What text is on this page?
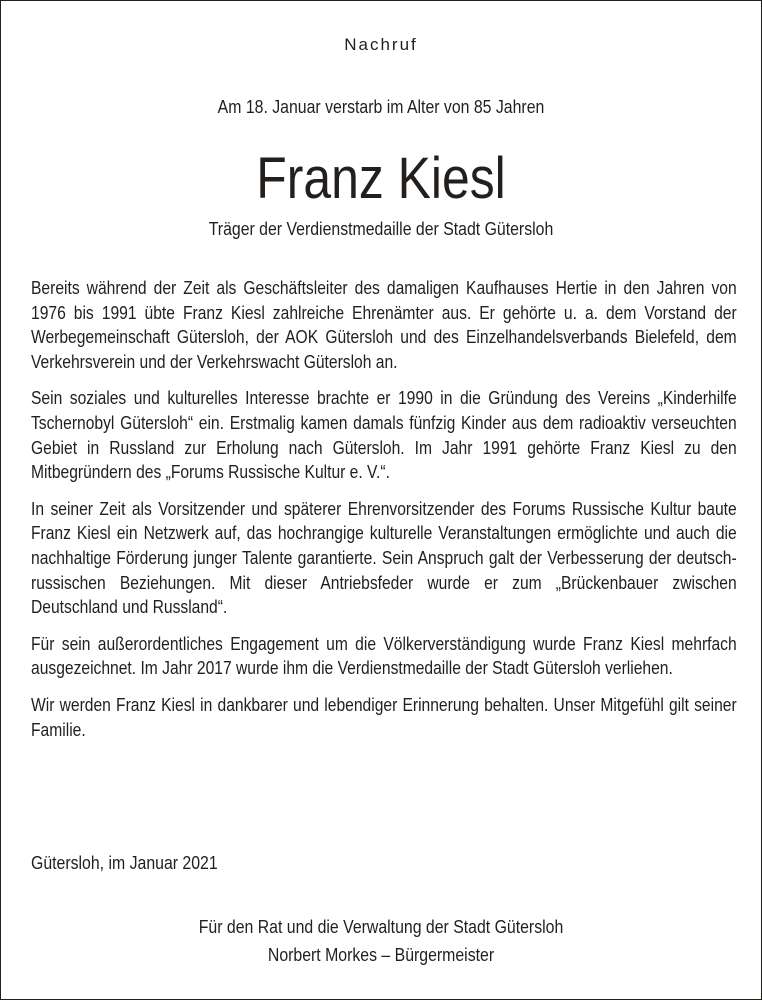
Nachruf
Am 18. Januar verstarb im Alter von 85 Jahren
Franz Kiesl
Träger der Verdienstmedaille der Stadt Gütersloh

Bereits während der Zeit als Geschäftsleiter des damaligen Kaufhauses Hertie in den Jahren von 1976 bis 1991 übte Franz Kiesl zahlreiche Ehrenämter aus. Er gehörte u. a. dem Vorstand der Werbegemeinschaft Gütersloh, der AOK Gütersloh und des Einzelhandelsverbands Bielefeld, dem Verkehrsverein und der Verkehrswacht Gütersloh an.

Sein soziales und kulturelles Interesse brachte er 1990 in die Gründung des Vereins „Kinderhilfe Tschernobyl Gütersloh“ ein. Erstmalig kamen damals fünfzig Kinder aus dem radioaktiv verseuchten Gebiet in Russland zur Erholung nach Gütersloh. Im Jahr 1991 gehörte Franz Kiesl zu den Mitbegründern des „Forums Russische Kultur e. V.“.

In seiner Zeit als Vorsitzender und späterer Ehrenvorsitzender des Forums Russische Kultur baute Franz Kiesl ein Netzwerk auf, das hochrangige kulturelle Veranstaltungen ermöglichte und auch die nachhaltige Förderung junger Talente garantierte. Sein Anspruch galt der Verbesserung der deutsch-russischen Beziehungen. Mit dieser Antriebsfeder wurde er zum „Brückenbauer zwischen Deutschland und Russland“.

Für sein außerordentliches Engagement um die Völkerverständigung wurde Franz Kiesl mehrfach ausgezeichnet. Im Jahr 2017 wurde ihm die Verdienstmedaille der Stadt Gütersloh verliehen.

Wir werden Franz Kiesl in dankbarer und lebendiger Erinnerung behalten. Unser Mitgefühl gilt seiner Familie.

Gütersloh, im Januar 2021
Für den Rat und die Verwaltung der Stadt Gütersloh
Norbert Morkes – Bürgermeister
